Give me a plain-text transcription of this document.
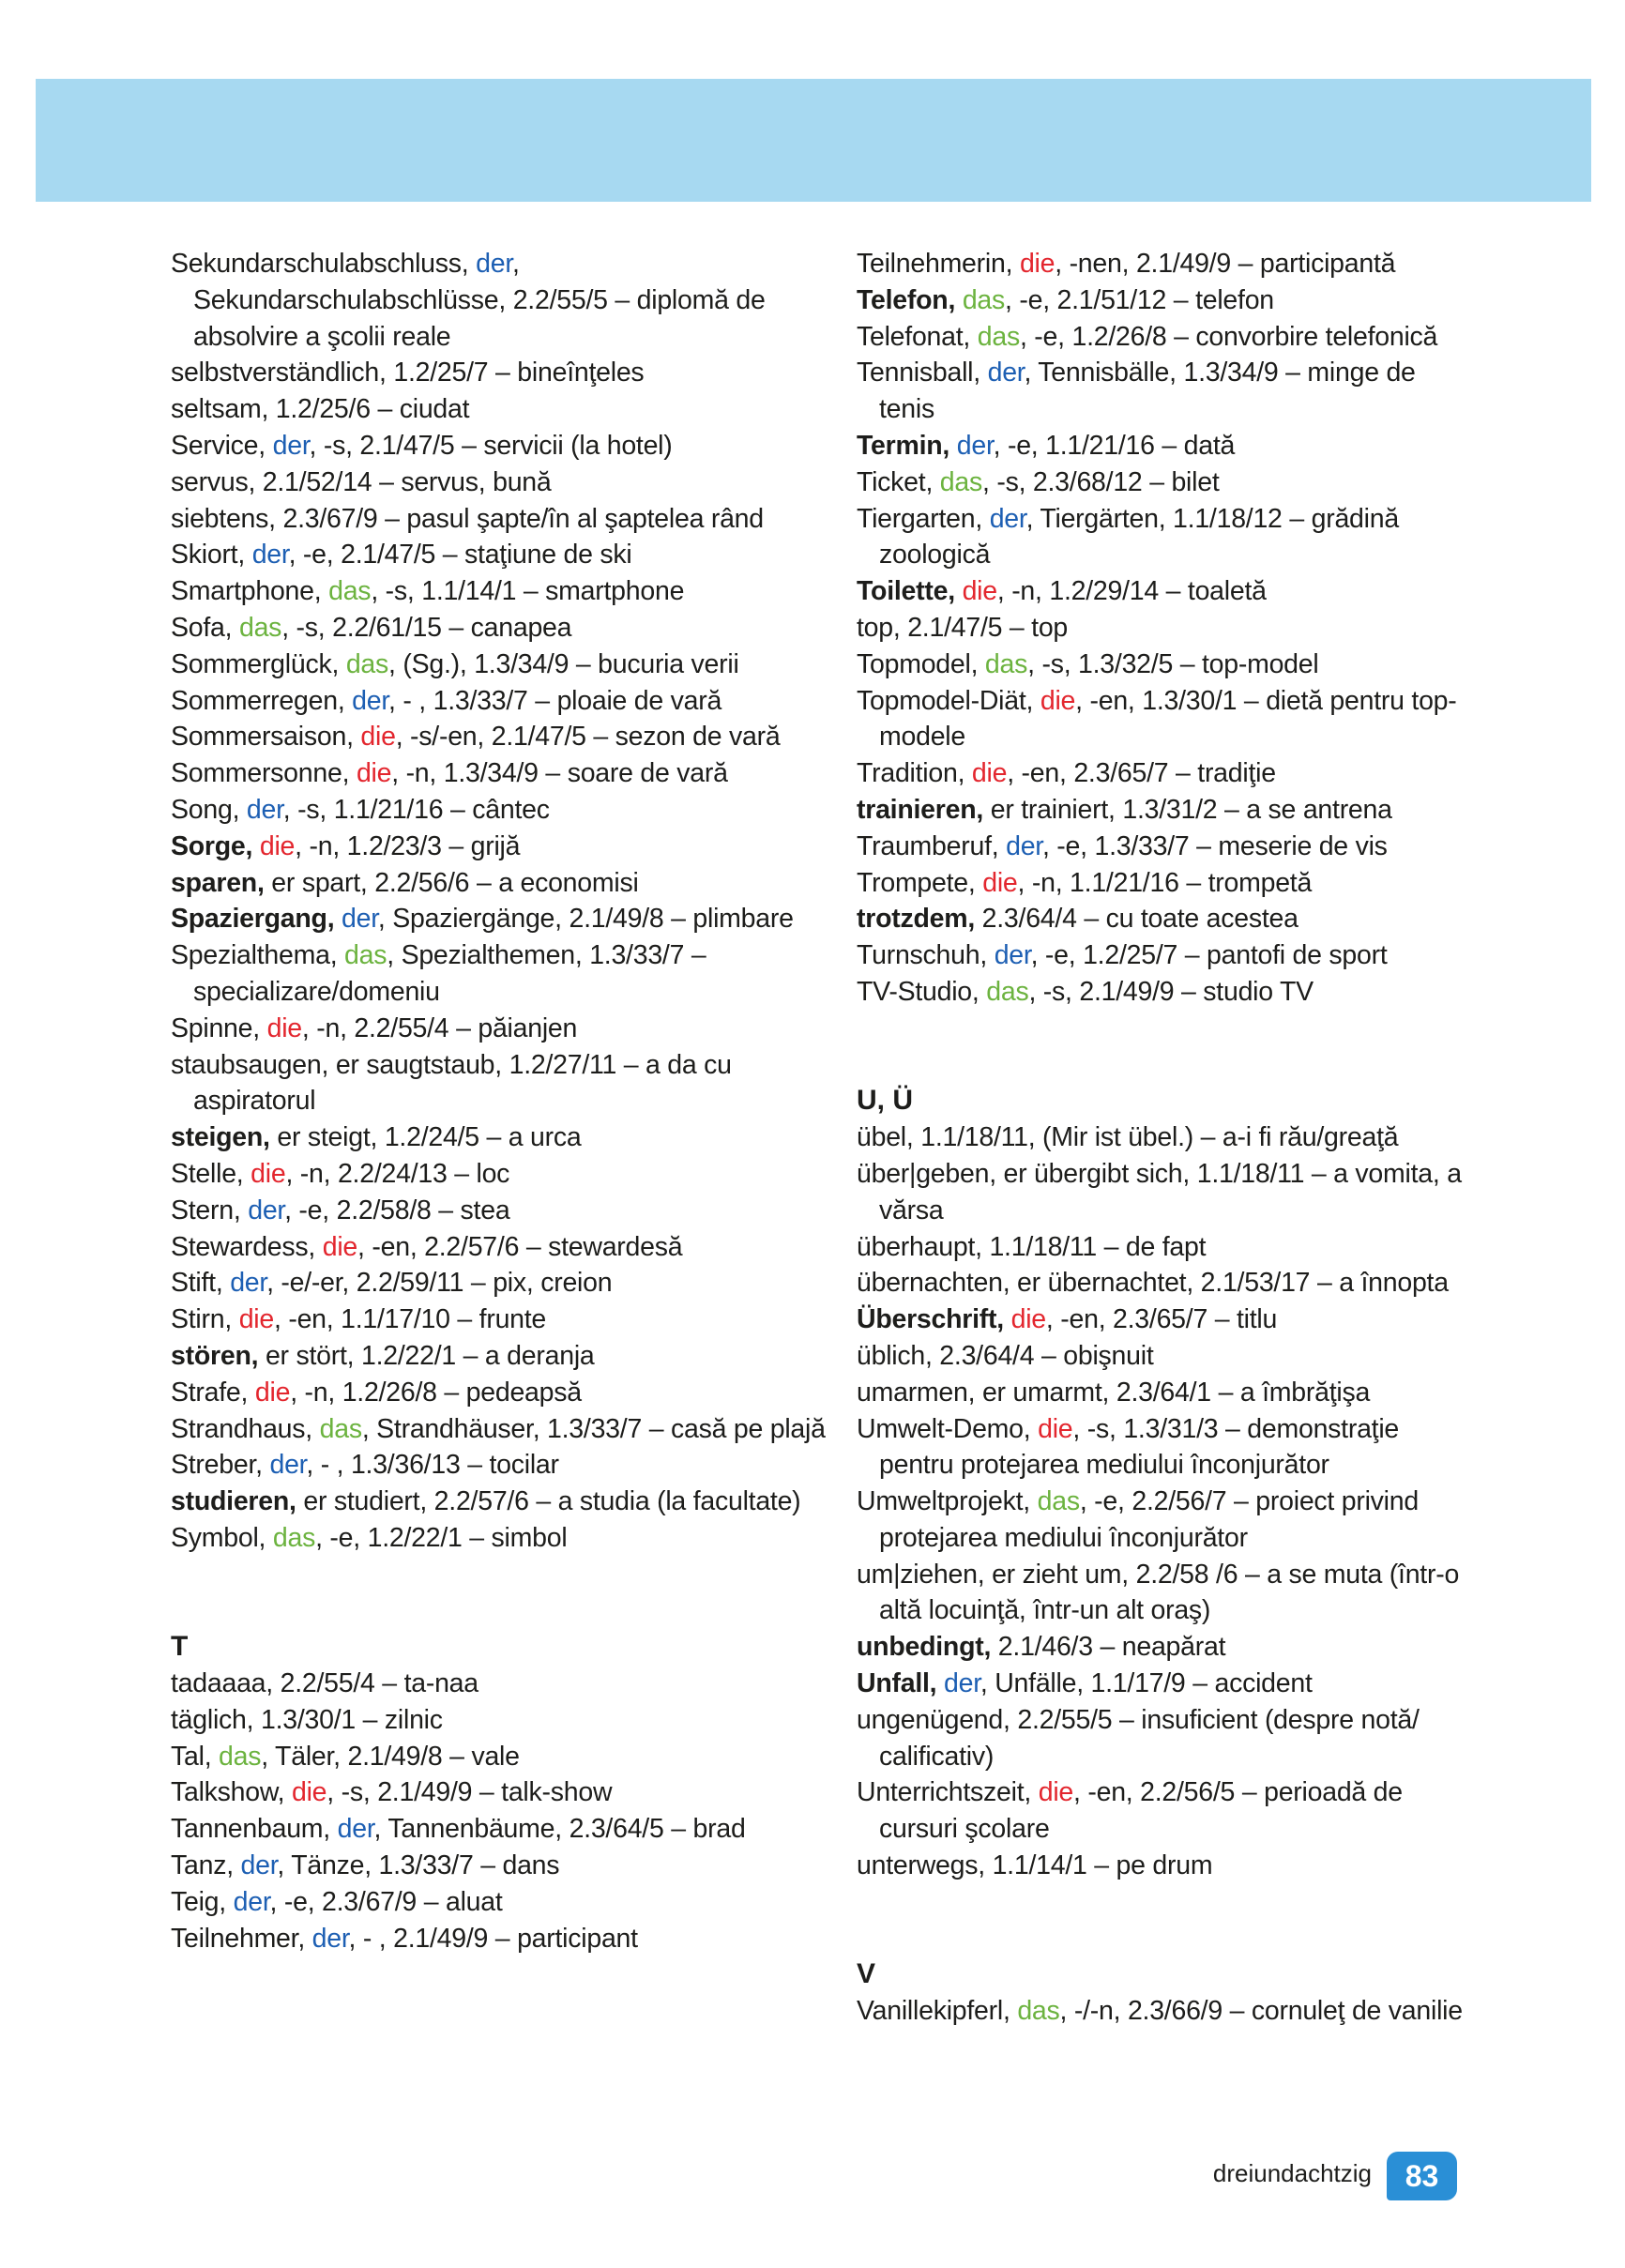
Sekundarschulabschluss, der, Sekundarschulabschlüsse, 2.2/55/5 – diplomă de absolvire a şcolii reale
selbstverständlich, 1.2/25/7 – bineînţeles
seltsam, 1.2/25/6 – ciudat
Service, der, -s, 2.1/47/5 – servicii (la hotel)
servus, 2.1/52/14 – servus, bună
siebtens, 2.3/67/9 – pasul şapte/în al şaptelea rând
Skiort, der, -e, 2.1/47/5 – staţiune de ski
Smartphone, das, -s, 1.1/14/1 – smartphone
Sofa, das, -s, 2.2/61/15 – canapea
Sommerglück, das, (Sg.), 1.3/34/9 – bucuria verii
Sommerregen, der, - , 1.3/33/7 – ploaie de vară
Sommersaison, die, -s/-en, 2.1/47/5 – sezon de vară
Sommersonne, die, -n, 1.3/34/9 – soare de vară
Song, der, -s, 1.1/21/16 – cântec
Sorge, die, -n, 1.2/23/3 – grijă
sparen, er spart, 2.2/56/6 – a economisi
Spaziergang, der, Spaziergänge, 2.1/49/8 – plimbare
Spezialthema, das, Spezialthemen, 1.3/33/7 – specializare/domeniu
Spinne, die, -n, 2.2/55/4 – păianjen
staubsaugen, er saugtstaub, 1.2/27/11 – a da cu aspiratorul
steigen, er steigt, 1.2/24/5 – a urca
Stelle, die, -n, 2.2/24/13 – loc
Stern, der, -e, 2.2/58/8 – stea
Stewardess, die, -en, 2.2/57/6 – stewardesă
Stift, der, -e/-er, 2.2/59/11 – pix, creion
Stirn, die, -en, 1.1/17/10 – frunte
stören, er stört, 1.2/22/1 – a deranja
Strafe, die, -n, 1.2/26/8 – pedeapsă
Strandhaus, das, Strandhäuser, 1.3/33/7 – casă pe plajă
Streber, der, - , 1.3/36/13 – tocilar
studieren, er studiert, 2.2/57/6 – a studia (la facultate)
Symbol, das, -e, 1.2/22/1 – simbol
T
tadaaaa, 2.2/55/4 – ta-naa
täglich, 1.3/30/1 – zilnic
Tal, das, Täler, 2.1/49/8 – vale
Talkshow, die, -s, 2.1/49/9 – talk-show
Tannenbaum, der, Tannenbäume, 2.3/64/5 – brad
Tanz, der, Tänze, 1.3/33/7 – dans
Teig, der, -e, 2.3/67/9 – aluat
Teilnehmer, der, - , 2.1/49/9 – participant
Teilnehmerin, die, -nen, 2.1/49/9 – participantă
Telefon, das, -e, 2.1/51/12 – telefon
Telefonat, das, -e, 1.2/26/8 – convorbire telefonică
Tennisball, der, Tennisbälle, 1.3/34/9 – minge de tenis
Termin, der, -e, 1.1/21/16 – dată
Ticket, das, -s, 2.3/68/12 – bilet
Tiergarten, der, Tiergärten, 1.1/18/12 – grădină zoologică
Toilette, die, -n, 1.2/29/14 – toaletă
top, 2.1/47/5 – top
Topmodel, das, -s, 1.3/32/5 – top-model
Topmodel-Diät, die, -en, 1.3/30/1 – dietă pentru top-modele
Tradition, die, -en, 2.3/65/7 – tradiţie
trainieren, er trainiert, 1.3/31/2 – a se antrena
Traumberuf, der, -e, 1.3/33/7 – meserie de vis
Trompete, die, -n, 1.1/21/16 – trompetă
trotzdem, 2.3/64/4 – cu toate acestea
Turnschuh, der, -e, 1.2/25/7 – pantofi de sport
TV-Studio, das, -s, 2.1/49/9 – studio TV
U, Ü
übel, 1.1/18/11, (Mir ist übel.) – a-i fi rău/greaţă
über|geben, er übergibt sich, 1.1/18/11 – a vomita, a vărsa
überhaupt, 1.1/18/11 – de fapt
übernachten, er übernachtet, 2.1/53/17 – a înnopta
Überschrift, die, -en, 2.3/65/7 – titlu
üblich, 2.3/64/4 – obişnuit
umarmen, er umarmt, 2.3/64/1 – a îmbrăţişa
Umwelt-Demo, die, -s, 1.3/31/3 – demonstraţie pentru protejarea mediului înconjurător
Umweltprojekt, das, -e, 2.2/56/7 – proiect privind protejarea mediului înconjurător
um|ziehen, er zieht um, 2.2/58 /6 – a se muta (într-o altă locuinţă, într-un alt oraş)
unbedingt, 2.1/46/3 – neapărat
Unfall, der, Unfälle, 1.1/17/9 – accident
ungenügend, 2.2/55/5 – insuficient (despre notă/ calificativ)
Unterrichtszeit, die, -en, 2.2/56/5 – perioadă de cursuri şcolare
unterwegs, 1.1/14/1 – pe drum
V
Vanillekipferl, das, -/-n, 2.3/66/9 – cornuleţ de vanilie
dreiundachtzig	83
